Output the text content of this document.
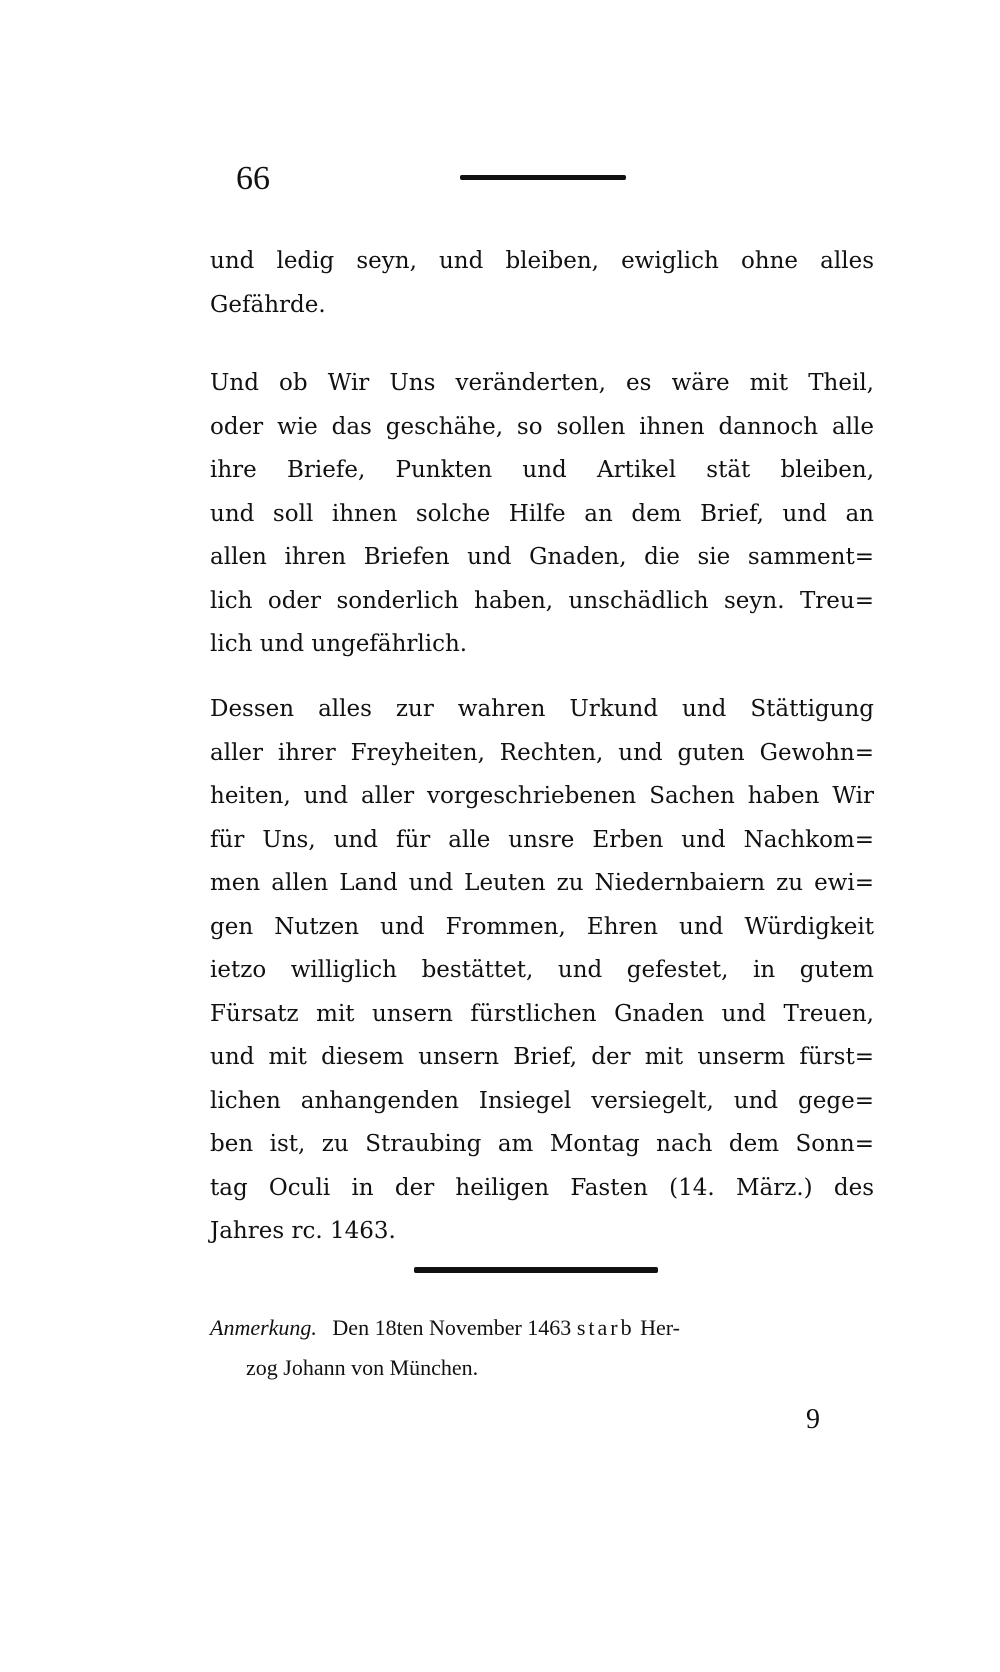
66
und ledig seyn, und bleiben, ewiglich ohne alles
Gefährde.
Und ob Wir Uns veränderten, es wäre mit Theil,
oder wie das geschähe, so sollen ihnen dannoch alle
ihre Briefe, Punkten und Artikel stät bleiben,
und soll ihnen solche Hilfe an dem Brief, und an
allen ihren Briefen und Gnaden, die sie samment=
lich oder sonderlich haben, unschädlich seyn. Treu=
lich und ungefährlich.
Dessen alles zur wahren Urkund und Stättigung
aller ihrer Freyheiten, Rechten, und guten Gewohn=
heiten, und aller vorgeschriebenen Sachen haben Wir
für Uns, und für alle unsre Erben und Nachkom=
men allen Land und Leuten zu Niedernbaiern zu ewi=
gen Nutzen und Frommen, Ehren und Würdigkeit
ietzo williglich bestättet, und gefestet, in gutem
Fürsatz mit unsern fürstlichen Gnaden und Treuen,
und mit diesem unsern Brief, der mit unserm fürst=
lichen anhangenden Insiegel versiegelt, und gege=
ben ist, zu Straubing am Montag nach dem Sonn=
tag Oculi in der heiligen Fasten (14. März.) des
Jahres rc. 1463.
Anmerkung. Den 18ten November 1463 starb Her-
zog Johann von München.
9
